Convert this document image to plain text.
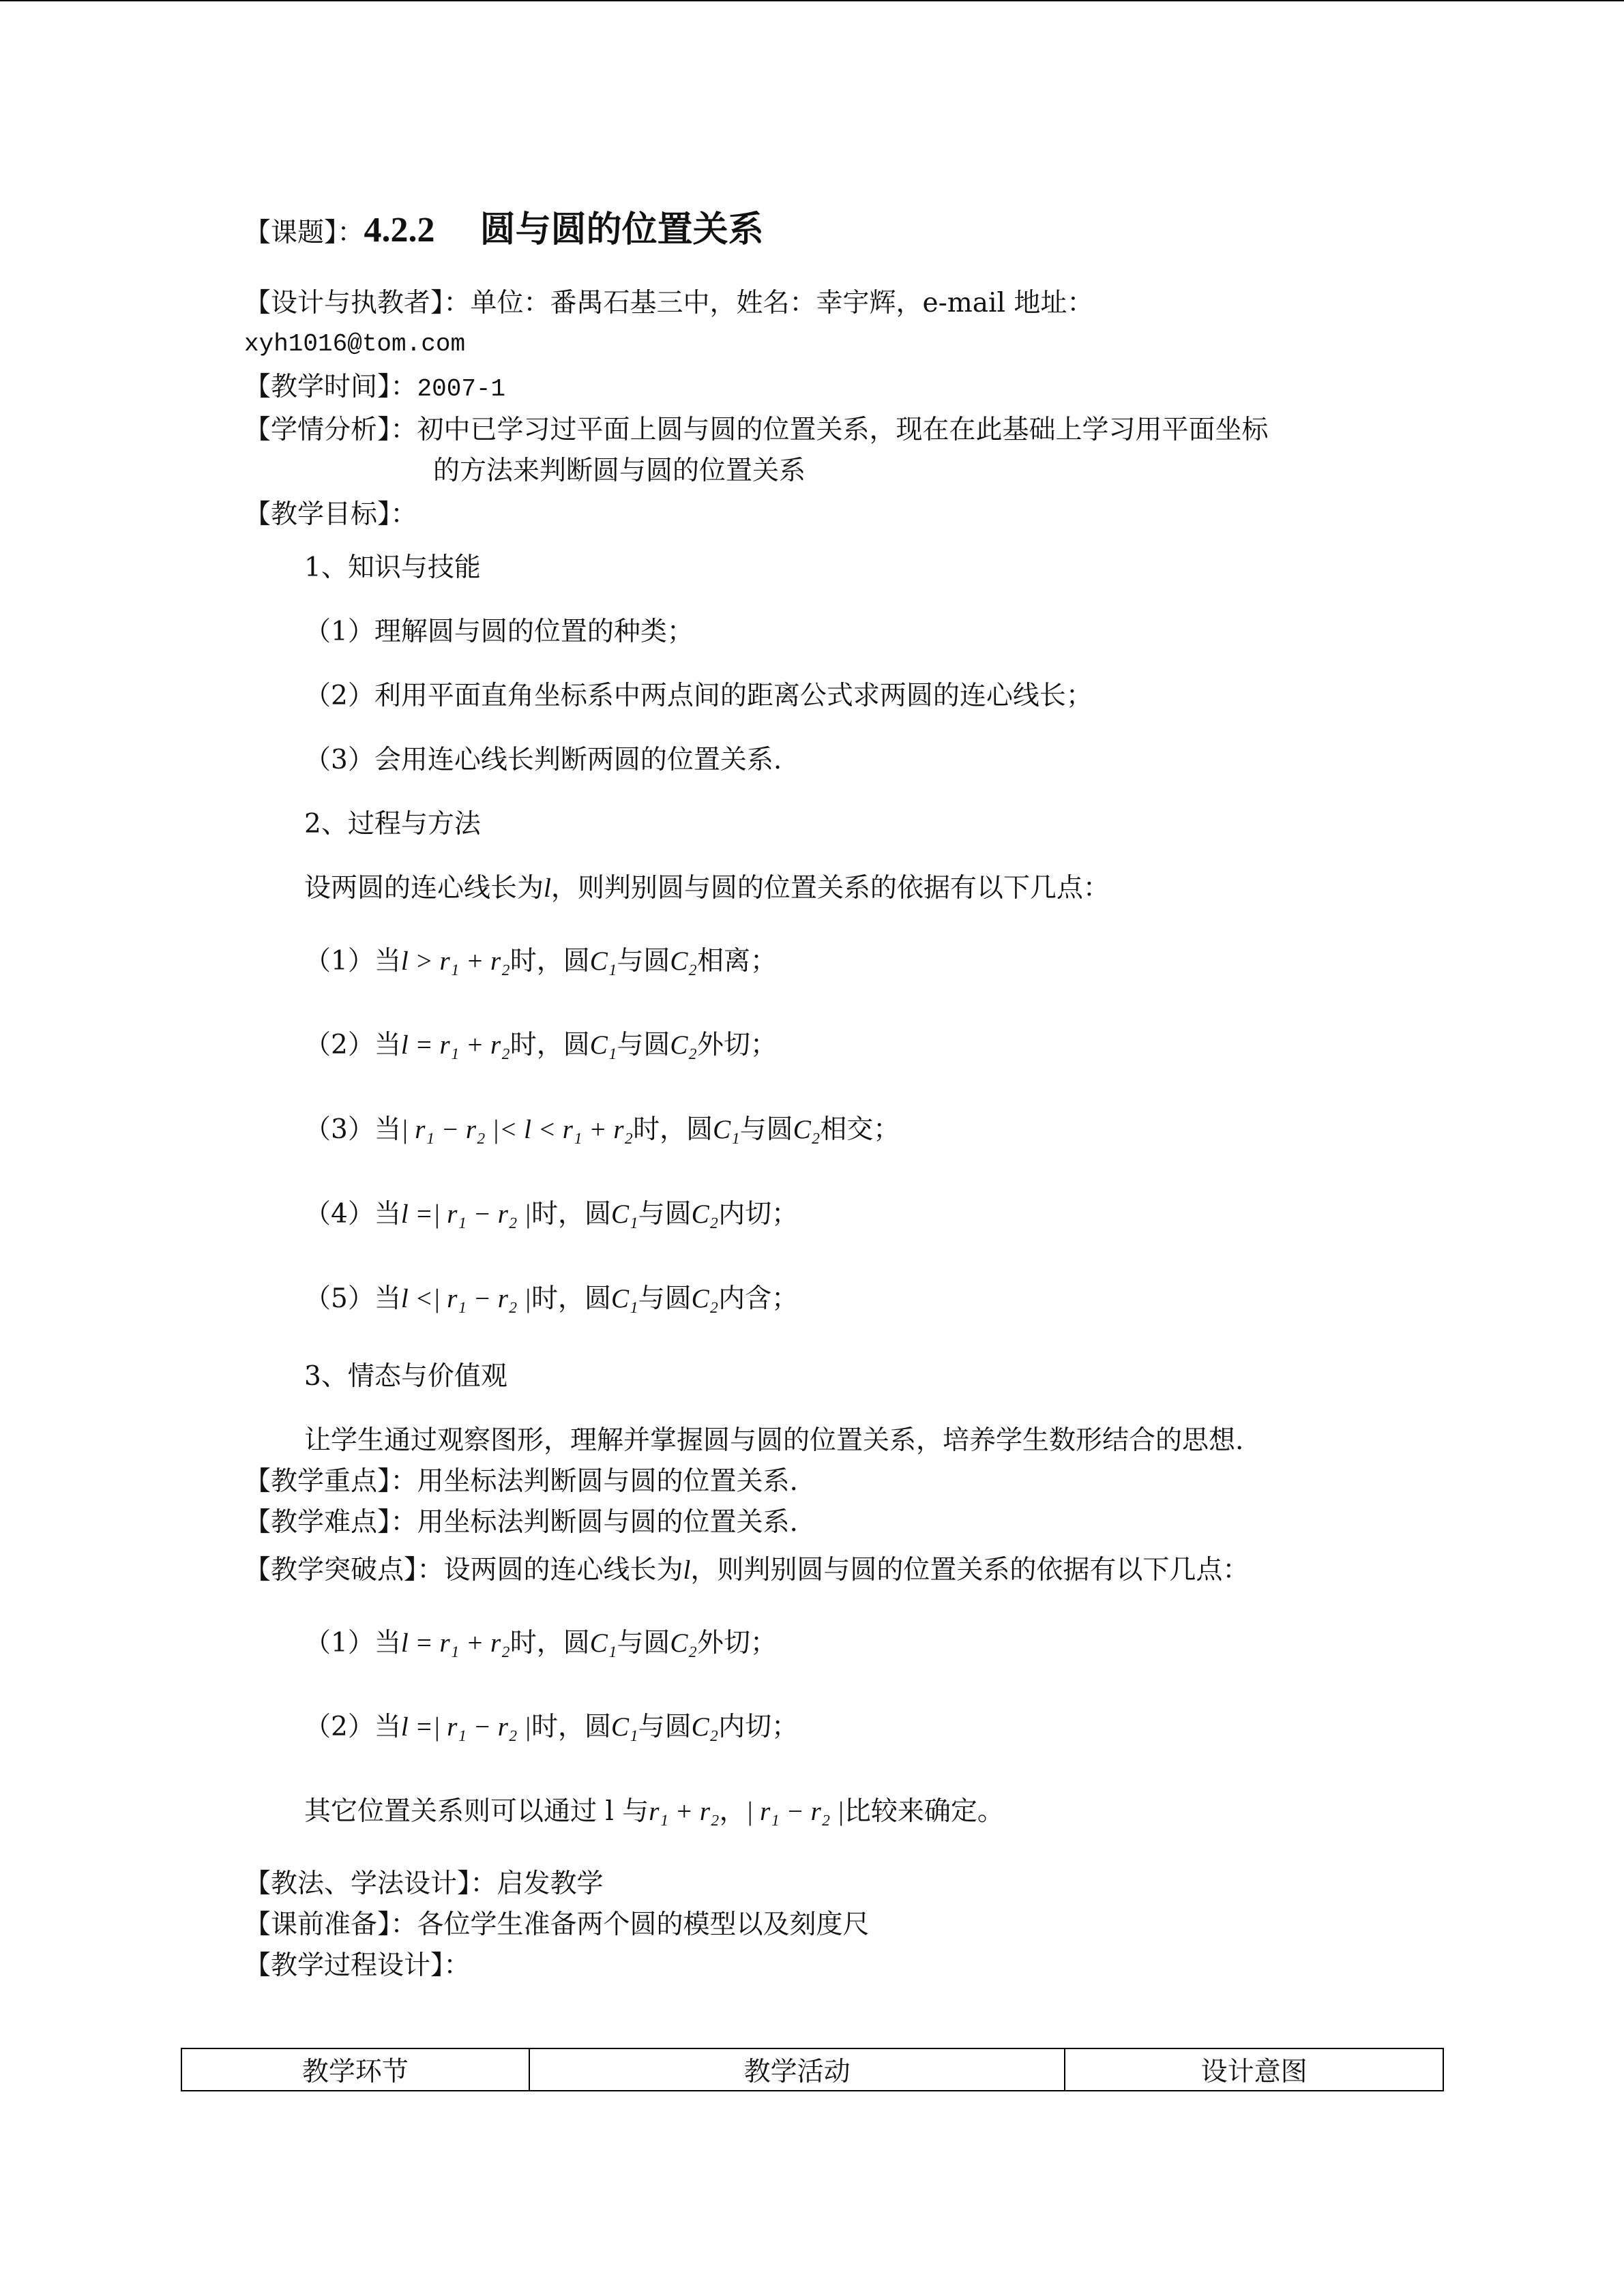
【课题】：4.2.2 圆与圆的位置关系
【设计与执教者】：单位：番禺石基三中，姓名：幸宇辉，e-mail 地址：
xyh1016@tom.com
【教学时间】：2007-1
【学情分析】：初中已学习过平面上圆与圆的位置关系，现在在此基础上学习用平面坐标
的方法来判断圆与圆的位置关系
【教学目标】：
1、知识与技能
（1）理解圆与圆的位置的种类；
（2）利用平面直角坐标系中两点间的距离公式求两圆的连心线长；
（3）会用连心线长判断两圆的位置关系.
2、过程与方法
设两圆的连心线长为l，则判别圆与圆的位置关系的依据有以下几点：
（1）当l > r₁ + r₂时，圆C₁与圆C₂相离；
（2）当l = r₁ + r₂时，圆C₁与圆C₂外切；
（3）当| r₁ − r₂ |< l < r₁ + r₂时，圆C₁与圆C₂相交；
（4）当l =| r₁ − r₂ |时，圆C₁与圆C₂内切；
（5）当l <| r₁ − r₂ |时，圆C₁与圆C₂内含；
3、情态与价值观
让学生通过观察图形，理解并掌握圆与圆的位置关系，培养学生数形结合的思想.
【教学重点】：用坐标法判断圆与圆的位置关系.
【教学难点】：用坐标法判断圆与圆的位置关系.
【教学突破点】：设两圆的连心线长为l，则判别圆与圆的位置关系的依据有以下几点：
（1）当l = r₁ + r₂时，圆C₁与圆C₂外切；
（2）当l =| r₁ − r₂ |时，圆C₁与圆C₂内切；
其它位置关系则可以通过 l 与r₁ + r₂，| r₁ − r₂ |比较来确定。
【教法、学法设计】：启发教学
【课前准备】：各位学生准备两个圆的模型以及刻度尺
【教学过程设计】：
教学环节	教学活动	设计意图
